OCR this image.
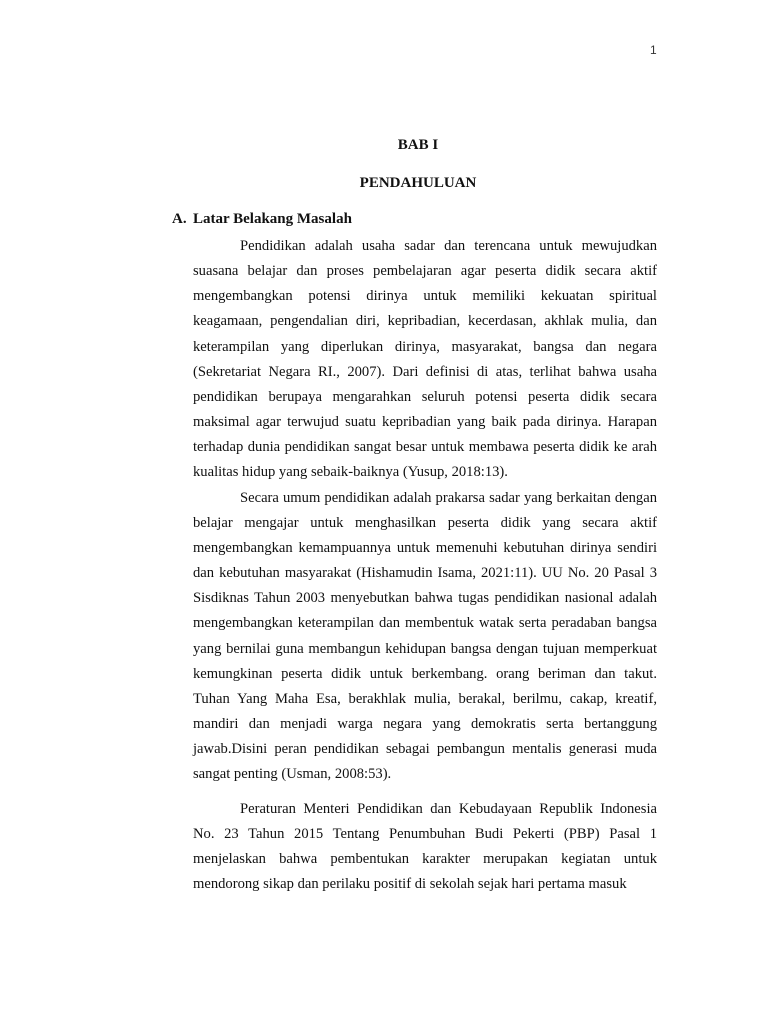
1
BAB I
PENDAHULUAN
A. Latar Belakang Masalah

Pendidikan adalah usaha sadar dan terencana untuk mewujudkan suasana belajar dan proses pembelajaran agar peserta didik secara aktif mengembangkan potensi dirinya untuk memiliki kekuatan spiritual keagamaan, pengendalian diri, kepribadian, kecerdasan, akhlak mulia, dan keterampilan yang diperlukan dirinya, masyarakat, bangsa dan negara (Sekretariat Negara RI., 2007). Dari definisi di atas, terlihat bahwa usaha pendidikan berupaya mengarahkan seluruh potensi peserta didik secara maksimal agar terwujud suatu kepribadian yang baik pada dirinya. Harapan terhadap dunia pendidikan sangat besar untuk membawa peserta didik ke arah kualitas hidup yang sebaik-baiknya (Yusup, 2018:13).

Secara umum pendidikan adalah prakarsa sadar yang berkaitan dengan belajar mengajar untuk menghasilkan peserta didik yang secara aktif mengembangkan kemampuannya untuk memenuhi kebutuhan dirinya sendiri dan kebutuhan masyarakat (Hishamudin Isama, 2021:11). UU No. 20 Pasal 3 Sisdiknas Tahun 2003 menyebutkan bahwa tugas pendidikan nasional adalah mengembangkan keterampilan dan membentuk watak serta peradaban bangsa yang bernilai guna membangun kehidupan bangsa dengan tujuan memperkuat kemungkinan peserta didik untuk berkembang. orang beriman dan takut. Tuhan Yang Maha Esa, berakhlak mulia, berakal, berilmu, cakap, kreatif, mandiri dan menjadi warga negara yang demokratis serta bertanggung jawab.Disini peran pendidikan sebagai pembangun mentalis generasi muda sangat penting (Usman, 2008:53).

Peraturan Menteri Pendidikan dan Kebudayaan Republik Indonesia No. 23 Tahun 2015 Tentang Penumbuhan Budi Pekerti (PBP) Pasal 1 menjelaskan bahwa pembentukan karakter merupakan kegiatan untuk mendorong sikap dan perilaku positif di sekolah sejak hari pertama masuk
